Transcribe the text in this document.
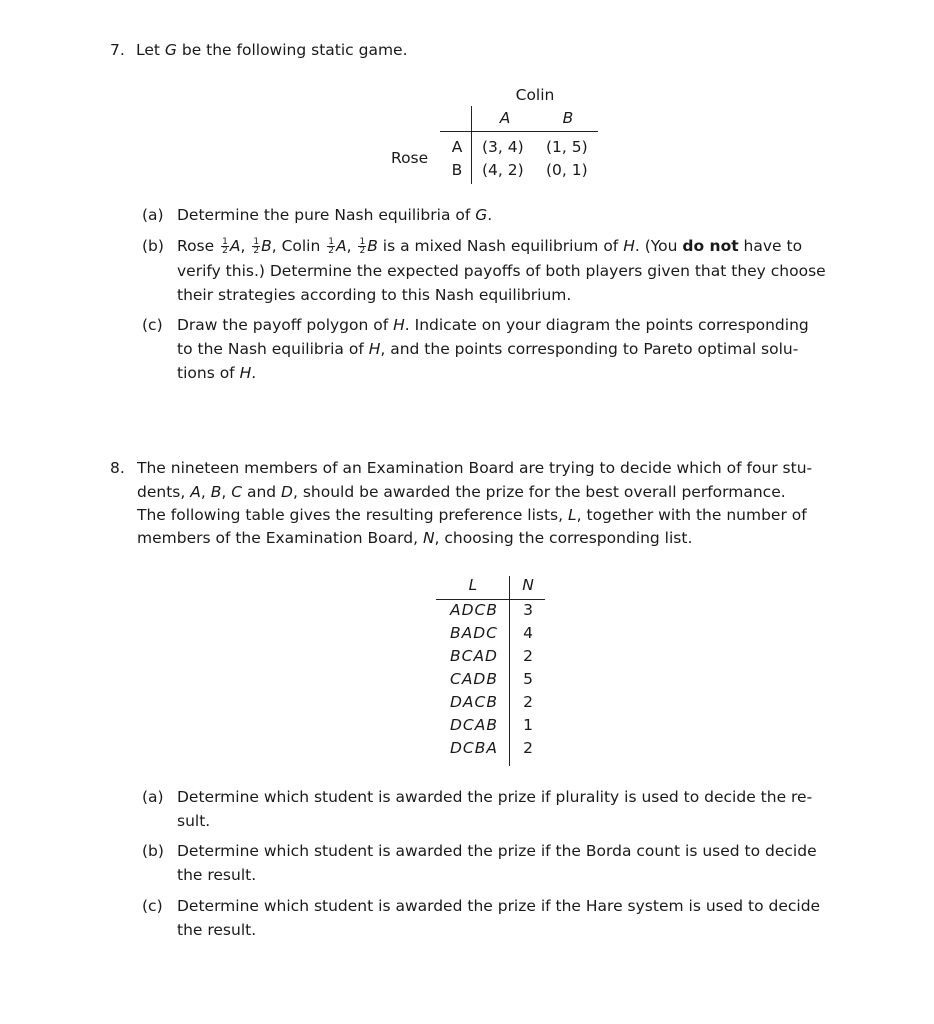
7. Let G be the following static game.
Colin
A	B
Rose
A (3, 4) (1, 5)
B (4, 2) (0, 1)
(a) Determine the pure Nash equilibria of G.
(b) Rose $\frac{1}{2} A$, $\frac{1}{2} B$, Colin $\frac{1}{2} A$, $\frac{1}{2}$ B is a mixed Nash equilibrium of H. (You do not have to
verify this.) Determine the expected payoffs of both players given that they choose
their strategies according to this Nash equilibrium.
(c) Draw the payoff polygon of H. Indicate on your diagram the points corresponding
to the Nash equilibria of H, and the points corresponding to Pareto optimal solu-
tions of H.
8. The nineteen members of an Examination Board are trying to decide which of four stu-
dents, A, B, C and D, should be awarded the prize for the best overall performance.
The following table gives the resulting preference lists, L, together with the number of
members of the Examination Board, N, choosing the corresponding list.
L	N
ADCB	3
BADC	4
BCAD	2
CADB	5
DACB	2
DCAB	1
DCBA	2
(a) Determine which student is awarded the prize if plurality is used to decide the re-
sult.
(b) Determine which student is awarded the prize if the Borda count is used to decide
the result.
(c) Determine which student is awarded the prize if the Hare system is used to decide
the result.
